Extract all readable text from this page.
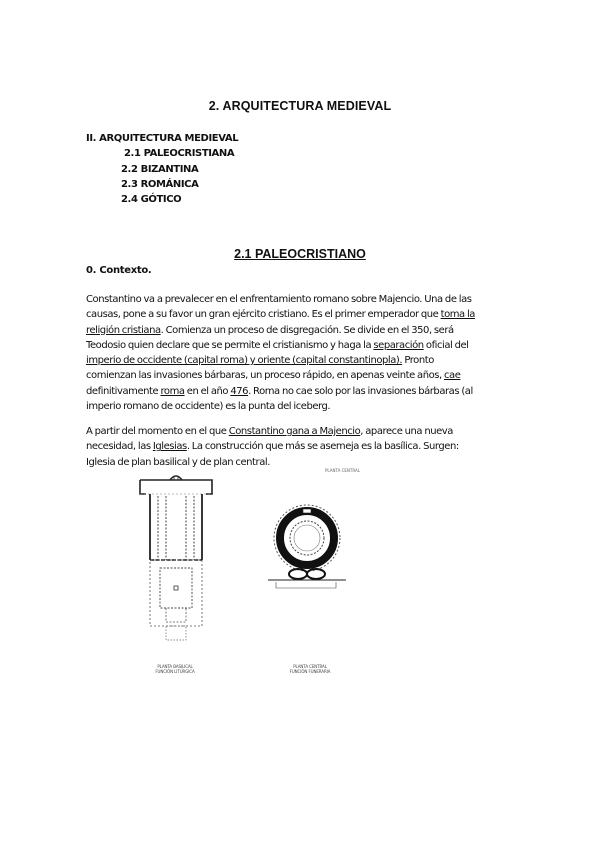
2. ARQUITECTURA MEDIEVAL
II. ARQUITECTURA MEDIEVAL
2.1 PALEOCRISTIANA
2.2 BIZANTINA
2.3 ROMÁNICA
2.4 GÓTICO
2.1 PALEOCRISTIANO
0. Contexto.
Constantino va a prevalecer en el enfrentamiento romano sobre Majencio. Una de las
causas, pone a su favor un gran ejército cristiano. Es el primer emperador que toma la
religión cristiana. Comienza un proceso de disgregación. Se divide en el 350, será
Teodosio quien declare que se permite el cristianismo y haga la separación oficial del
imperio de occidente (capital roma) y oriente (capital constantinopla). Pronto
comienzan las invasiones bárbaras, un proceso rápido, en apenas veinte años, cae
definitivamente roma en el año 476. Roma no cae solo por las invasiones bárbaras (al
imperio romano de occidente) es la punta del iceberg.
A partir del momento en el que Constantino gana a Majencio, aparece una nueva
necesidad, las Iglesias. La construcción que más se asemeja es la basílica. Surgen:
Iglesia de plan basilical y de plan central.
PLANTA CENTRAL
PLANTA BASILICAL
FUNCIÓN LITÚRGICA
PLANTA CENTRAL
FUNCIÓN FUNERARIA
